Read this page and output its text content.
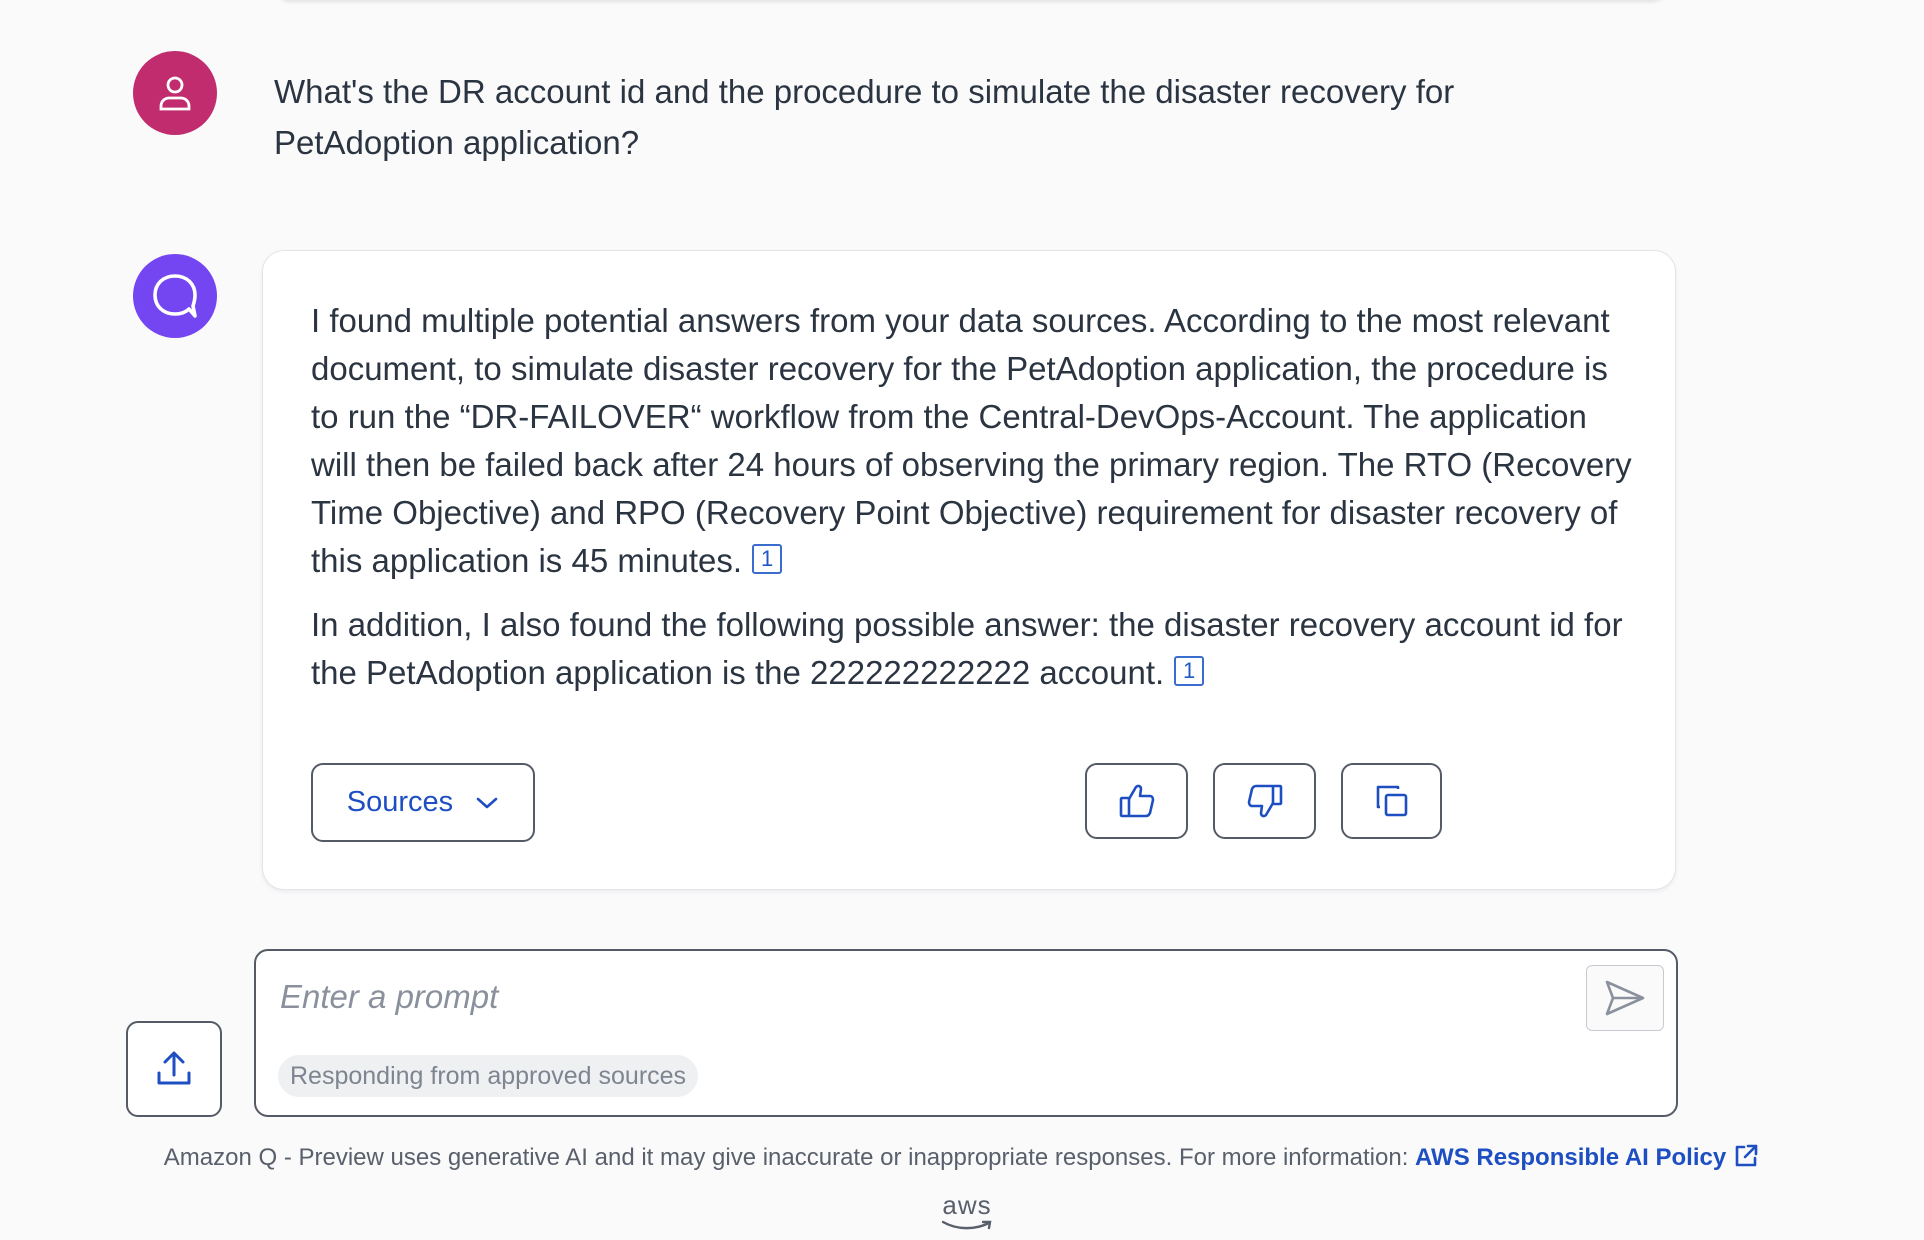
What's the DR account id and the procedure to simulate the disaster recovery for PetAdoption application?

I found multiple potential answers from your data sources. According to the most relevant document, to simulate disaster recovery for the PetAdoption application, the procedure is to run the “DR-FAILOVER“ workflow from the Central-DevOps-Account. The application will then be failed back after 24 hours of observing the primary region. The RTO (Recovery Time Objective) and RPO (Recovery Point Objective) requirement for disaster recovery of this application is 45 minutes. 1

In addition, I also found the following possible answer: the disaster recovery account id for the PetAdoption application is the 222222222222 account. 1

Sources
Enter a prompt
Responding from approved sources
Amazon Q - Preview uses generative AI and it may give inaccurate or inappropriate responses. For more information: AWS Responsible AI Policy
aws
